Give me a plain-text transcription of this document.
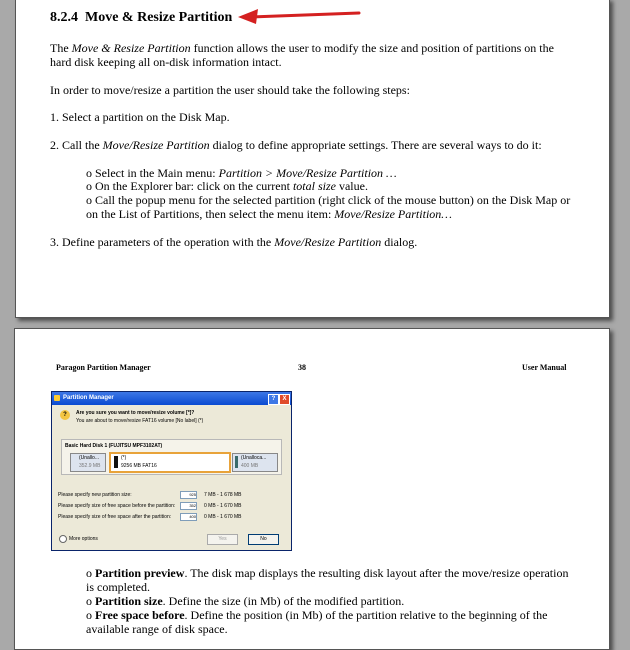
8.2.4 Move & Resize Partition
The Move & Resize Partition function allows the user to modify the size and position of partitions on the
hard disk keeping all on-disk information intact.
In order to move/resize a partition the user should take the following steps:
1. Select a partition on the Disk Map.
2. Call the Move/Resize Partition dialog to define appropriate settings. There are several ways to do it:
o Select in the Main menu: Partition > Move/Resize Partition …
o On the Explorer bar: click on the current total size value.
o Call the popup menu for the selected partition (right click of the mouse button) on the Disk Map or
on the List of Partitions, then select the menu item: Move/Resize Partition…
3. Define parameters of the operation with the Move/Resize Partition dialog.
Paragon Partition Manager	38	User Manual
Partition Manager	?	X
?	Are you sure you want to move/resize volume [*]?
You are about to move/resize FAT16 volume [No label] (*)
Basic Hard Disk 1 (FUJITSU MPF3102AT)
(Unallo...
352.9 MB
(*)
9256 MB FAT16
(Unalloca...
400 MB
Please specify new partition size:	925 7 MB - 1 678 MB
Please specify size of free space before the partition:	352 0 MB - 1 670 MB
Please specify size of free space after the partition:	400 0 MB - 1 670 MB
More options	Yes	No
o Partition preview. The disk map displays the resulting disk layout after the move/resize operation
is completed.
o Partition size. Define the size (in Mb) of the modified partition.
o Free space before. Define the position (in Mb) of the partition relative to the beginning of the
available range of disk space.
